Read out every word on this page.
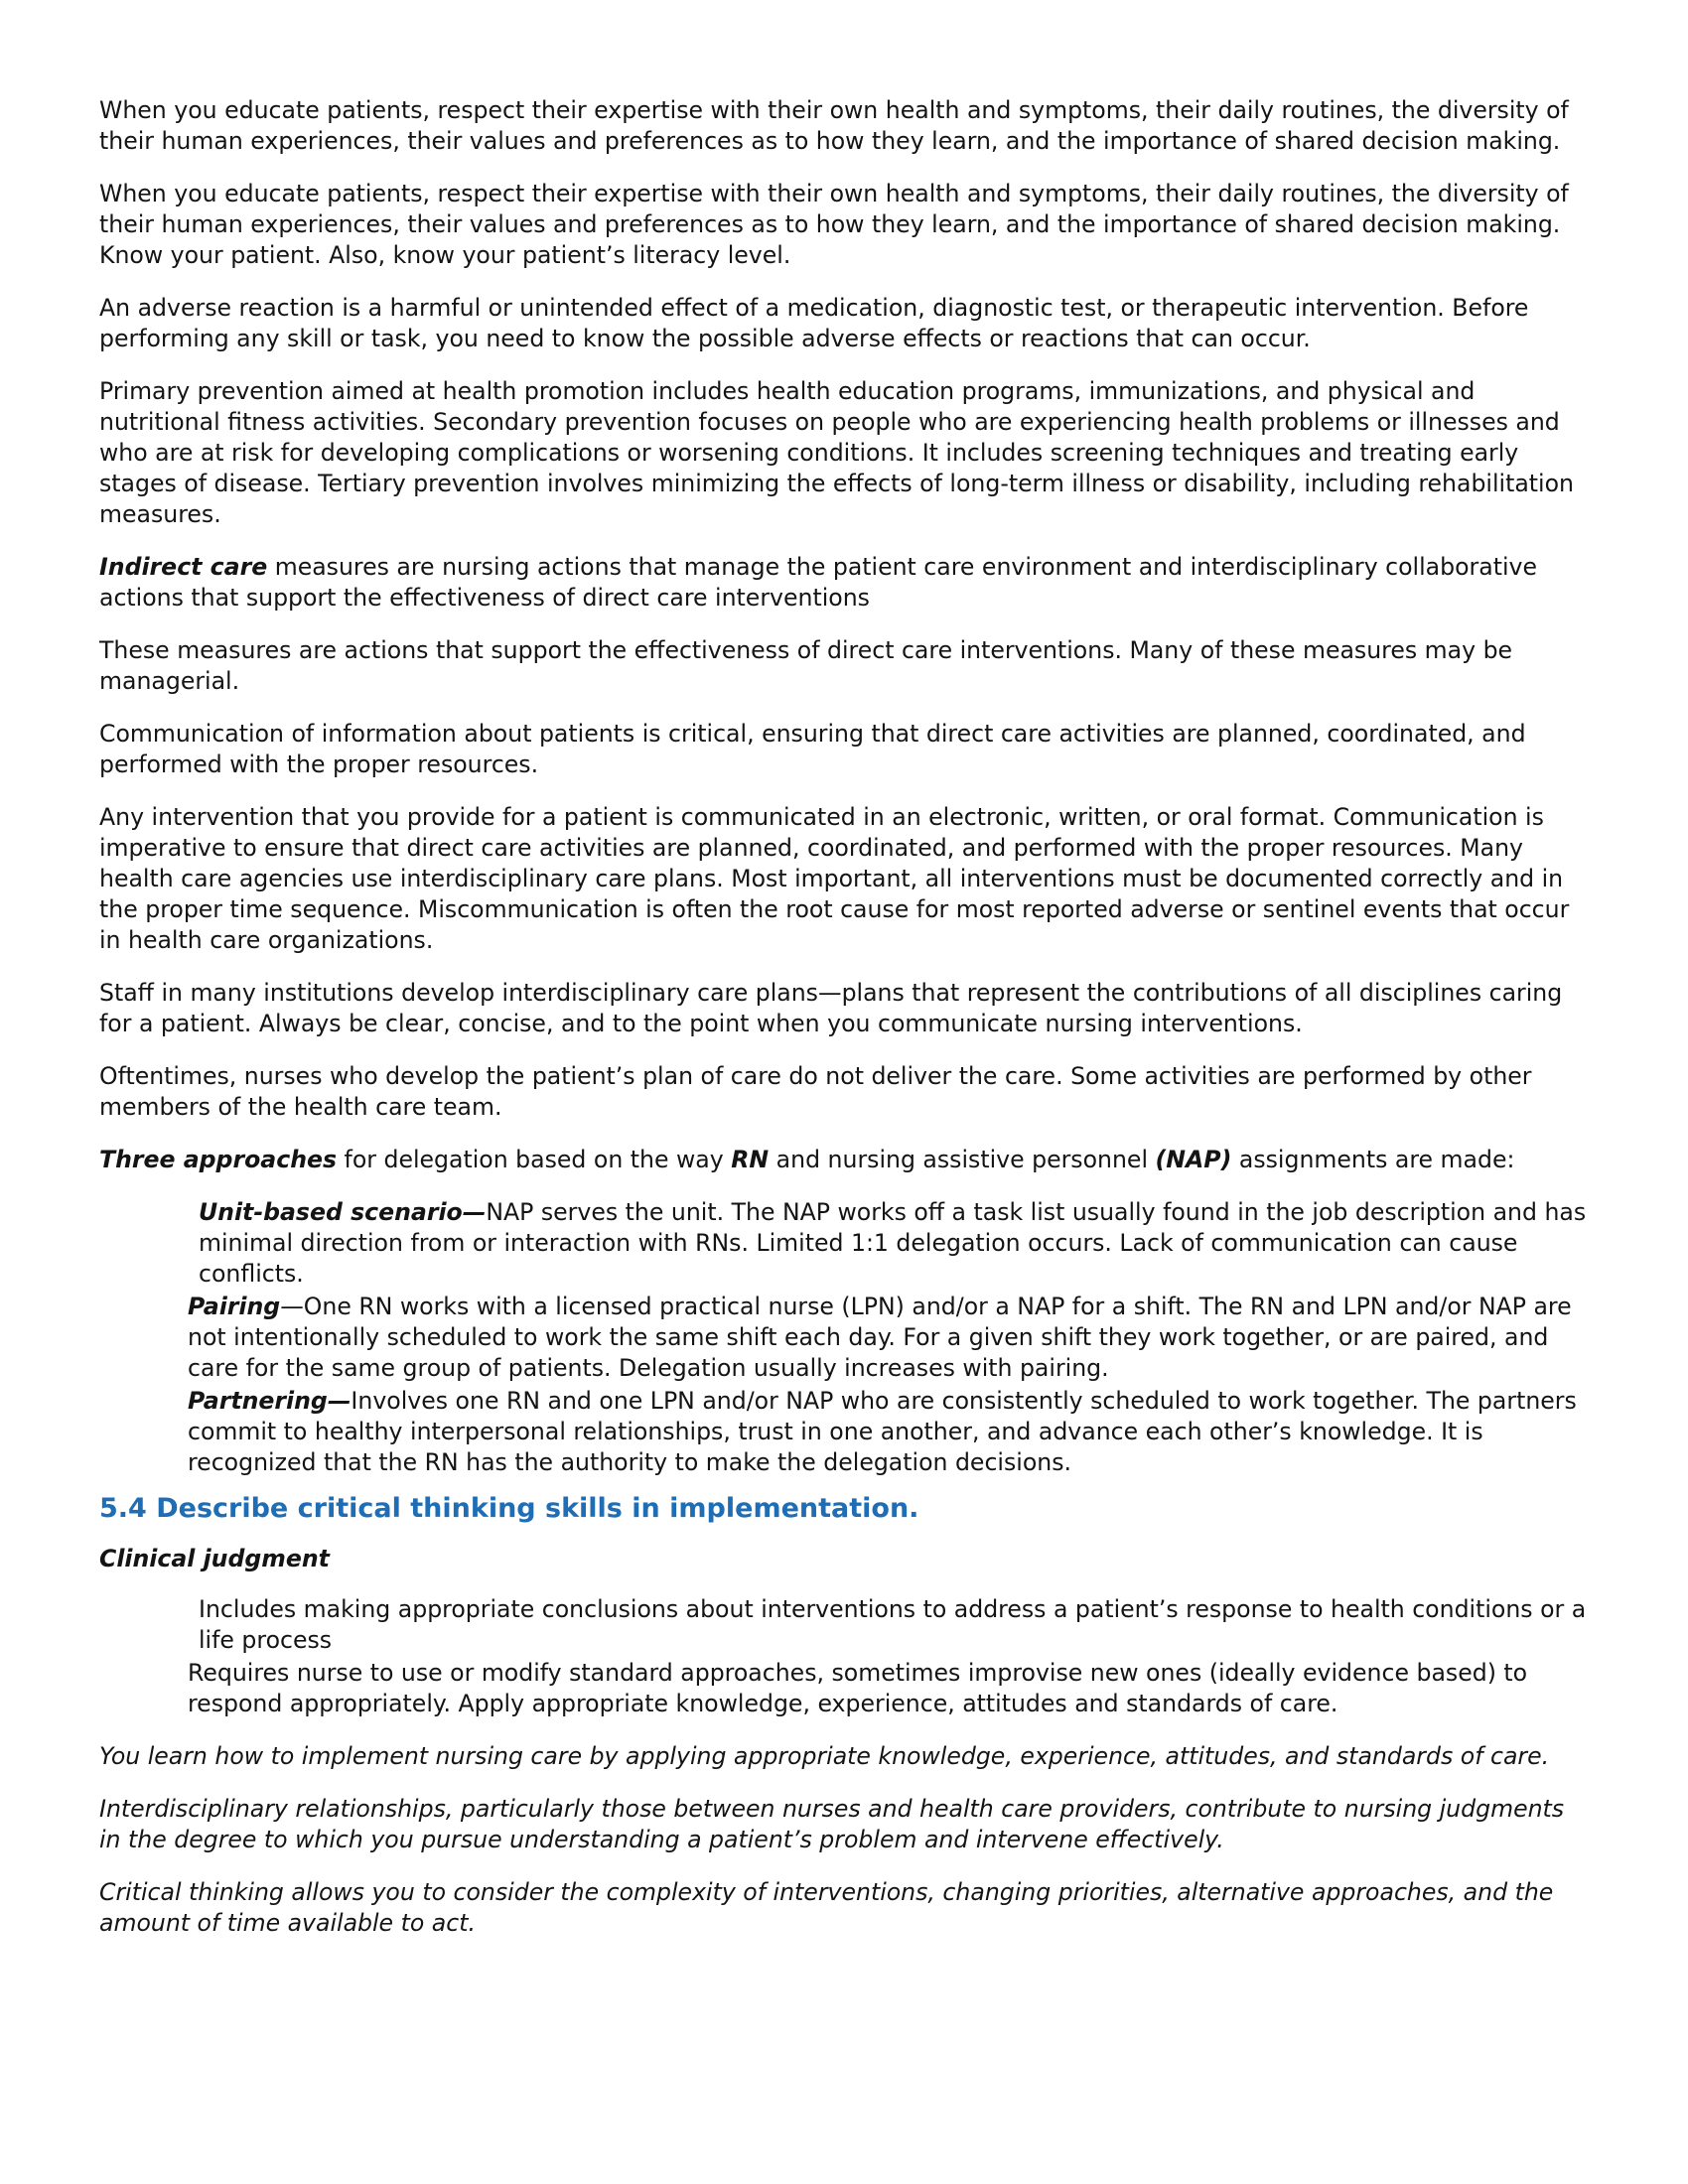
When you educate patients, respect their expertise with their own health and symptoms, their daily routines, the diversity of their human experiences, their values and preferences as to how they learn, and the importance of shared decision making.

When you educate patients, respect their expertise with their own health and symptoms, their daily routines, the diversity of their human experiences, their values and preferences as to how they learn, and the importance of shared decision making. Know your patient. Also, know your patient’s literacy level.

An adverse reaction is a harmful or unintended effect of a medication, diagnostic test, or therapeutic intervention. Before performing any skill or task, you need to know the possible adverse effects or reactions that can occur.

Primary prevention aimed at health promotion includes health education programs, immunizations, and physical and nutritional fitness activities. Secondary prevention focuses on people who are experiencing health problems or illnesses and who are at risk for developing complications or worsening conditions. It includes screening techniques and treating early stages of disease. Tertiary prevention involves minimizing the effects of long-term illness or disability, including rehabilitation measures.

Indirect care measures are nursing actions that manage the patient care environment and interdisciplinary collaborative actions that support the effectiveness of direct care interventions

These measures are actions that support the effectiveness of direct care interventions. Many of these measures may be managerial.

Communication of information about patients is critical, ensuring that direct care activities are planned, coordinated, and performed with the proper resources.

Any intervention that you provide for a patient is communicated in an electronic, written, or oral format. Communication is imperative to ensure that direct care activities are planned, coordinated, and performed with the proper resources. Many health care agencies use interdisciplinary care plans. Most important, all interventions must be documented correctly and in the proper time sequence. Miscommunication is often the root cause for most reported adverse or sentinel events that occur in health care organizations.

Staff in many institutions develop interdisciplinary care plans—plans that represent the contributions of all disciplines caring for a patient. Always be clear, concise, and to the point when you communicate nursing interventions.

Oftentimes, nurses who develop the patient’s plan of care do not deliver the care. Some activities are performed by other members of the health care team.

Three approaches for delegation based on the way RN and nursing assistive personnel (NAP) assignments are made:

Unit-based scenario—NAP serves the unit. The NAP works off a task list usually found in the job description and has minimal direction from or interaction with RNs. Limited 1:1 delegation occurs. Lack of communication can cause conflicts.
Pairing—One RN works with a licensed practical nurse (LPN) and/or a NAP for a shift. The RN and LPN and/or NAP are not intentionally scheduled to work the same shift each day. For a given shift they work together, or are paired, and care for the same group of patients. Delegation usually increases with pairing.
Partnering—Involves one RN and one LPN and/or NAP who are consistently scheduled to work together. The partners commit to healthy interpersonal relationships, trust in one another, and advance each other’s knowledge. It is recognized that the RN has the authority to make the delegation decisions.
5.4 Describe critical thinking skills in implementation.
Clinical judgment
Includes making appropriate conclusions about interventions to address a patient’s response to health conditions or a life process
Requires nurse to use or modify standard approaches, sometimes improvise new ones (ideally evidence based) to respond appropriately. Apply appropriate knowledge, experience, attitudes and standards of care.

You learn how to implement nursing care by applying appropriate knowledge, experience, attitudes, and standards of care.

Interdisciplinary relationships, particularly those between nurses and health care providers, contribute to nursing judgments in the degree to which you pursue understanding a patient’s problem and intervene effectively.

Critical thinking allows you to consider the complexity of interventions, changing priorities, alternative approaches, and the amount of time available to act.
